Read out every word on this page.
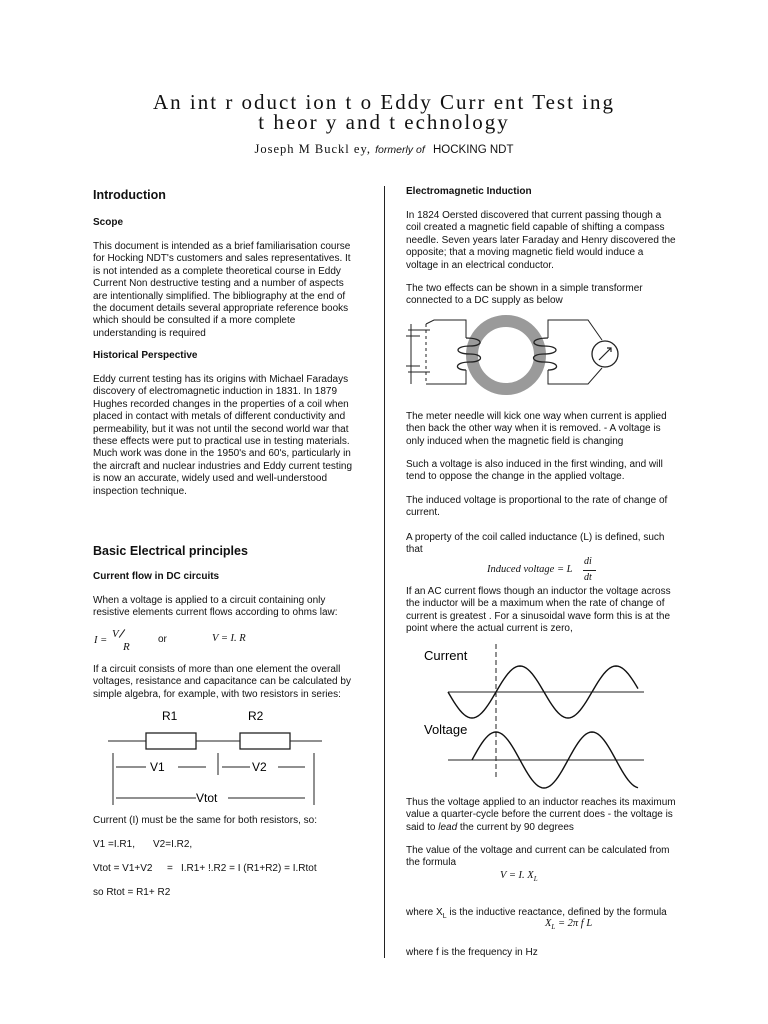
An int r oduct ion t o Eddy Curr ent Test ing
t heor y and t echnology
Joseph M Buckl ey, formerly of HOCKING NDT
Introduction
Scope
This document is intended as a brief familiarisation course for Hocking NDT's customers and sales representatives. It is not intended as a complete theoretical course in Eddy Current Non destructive testing and a number of aspects are intentionally simplified. The bibliography at the end of the document details several appropriate reference books which should be consulted if a more complete understanding is required
Historical Perspective
Eddy current testing has its origins with Michael Faradays discovery of electromagnetic induction in 1831. In 1879 Hughes recorded changes in the properties of a coil when placed in contact with metals of different conductivity and permeability, but it was not until the second world war that these effects were put to practical use in testing materials. Much work was done in the 1950's and 60's, particularly in the aircraft and nuclear industries and Eddy current testing is now an accurate, widely used and well-understood inspection technique.
Basic Electrical principles
Current flow in DC circuits
When a voltage is applied to a circuit containing only resistive elements current flows according to ohms law:
I =
V
R
or	V = I. R
If a circuit consists of more than one element the overall voltages, resistance and capacitance can be calculated by simple algebra, for example, with two resistors in series:
R1	R2
V1	V2
Vtot
Current (I) must be the same for both resistors, so:
V1 =I.R1, V2=I.R2,
Vtot = V1+V2 = I.R1+ !.R2 = I (R1+R2) = I.Rtot
so Rtot = R1+ R2
Electromagnetic Induction
In 1824 Oersted discovered that current passing though a coil created a magnetic field capable of shifting a compass needle. Seven years later Faraday and Henry discovered the opposite; that a moving magnetic field would induce a voltage in an electrical conductor.
The two effects can be shown in a simple transformer connected to a DC supply as below
The meter needle will kick one way when current is applied then back the other way when it is removed. - A voltage is only induced when the magnetic field is changing
Such a voltage is also induced in the first winding, and will tend to oppose the change in the applied voltage.
The induced voltage is proportional to the rate of change of current.
A property of the coil called inductance (L) is defined, such that
Induced voltage = L
di
dt
If an AC current flows though an inductor the voltage across the inductor will be a maximum when the rate of change of current is greatest . For a sinusoidal wave form this is at the point where the actual current is zero,
Current
Voltage
Thus the voltage applied to an inductor reaches its maximum value a quarter-cycle before the current does - the voltage is said to lead the current by 90 degrees
The value of the voltage and current can be calculated from the formula
V = I. $X_L$
where $X_L$ is the inductive reactance, defined by the formula
$X_L = 2\pi$ f L
where f is the frequency in Hz
